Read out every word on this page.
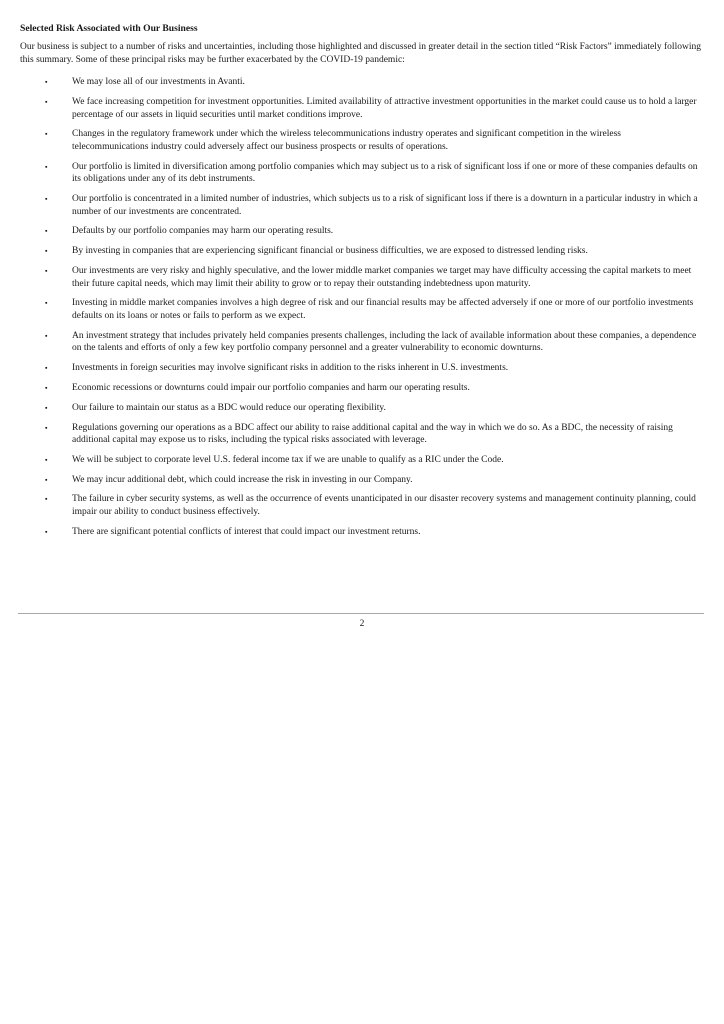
Selected Risk Associated with Our Business

Our business is subject to a number of risks and uncertainties, including those highlighted and discussed in greater detail in the section titled “Risk Factors” immediately following this summary. Some of these principal risks may be further exacerbated by the COVID-19 pandemic:

▪	We may lose all of our investments in Avanti.
▪	We face increasing competition for investment opportunities. Limited availability of attractive investment opportunities in the market could cause us to hold a larger percentage of our assets in liquid securities until market conditions improve.
▪	Changes in the regulatory framework under which the wireless telecommunications industry operates and significant competition in the wireless telecommunications industry could adversely affect our business prospects or results of operations.
▪	Our portfolio is limited in diversification among portfolio companies which may subject us to a risk of significant loss if one or more of these companies defaults on its obligations under any of its debt instruments.
▪	Our portfolio is concentrated in a limited number of industries, which subjects us to a risk of significant loss if there is a downturn in a particular industry in which a number of our investments are concentrated.
▪	Defaults by our portfolio companies may harm our operating results.
▪	By investing in companies that are experiencing significant financial or business difficulties, we are exposed to distressed lending risks.
▪	Our investments are very risky and highly speculative, and the lower middle market companies we target may have difficulty accessing the capital markets to meet their future capital needs, which may limit their ability to grow or to repay their outstanding indebtedness upon maturity.
▪	Investing in middle market companies involves a high degree of risk and our financial results may be affected adversely if one or more of our portfolio investments defaults on its loans or notes or fails to perform as we expect.
▪	An investment strategy that includes privately held companies presents challenges, including the lack of available information about these companies, a dependence on the talents and efforts of only a few key portfolio company personnel and a greater vulnerability to economic downturns.
▪	Investments in foreign securities may involve significant risks in addition to the risks inherent in U.S. investments.
▪	Economic recessions or downturns could impair our portfolio companies and harm our operating results.
▪	Our failure to maintain our status as a BDC would reduce our operating flexibility.
▪	Regulations governing our operations as a BDC affect our ability to raise additional capital and the way in which we do so. As a BDC, the necessity of raising additional capital may expose us to risks, including the typical risks associated with leverage.
▪	We will be subject to corporate level U.S. federal income tax if we are unable to qualify as a RIC under the Code.
▪	We may incur additional debt, which could increase the risk in investing in our Company.
▪	The failure in cyber security systems, as well as the occurrence of events unanticipated in our disaster recovery systems and management continuity planning, could impair our ability to conduct business effectively.
▪	There are significant potential conflicts of interest that could impact our investment returns.
2
